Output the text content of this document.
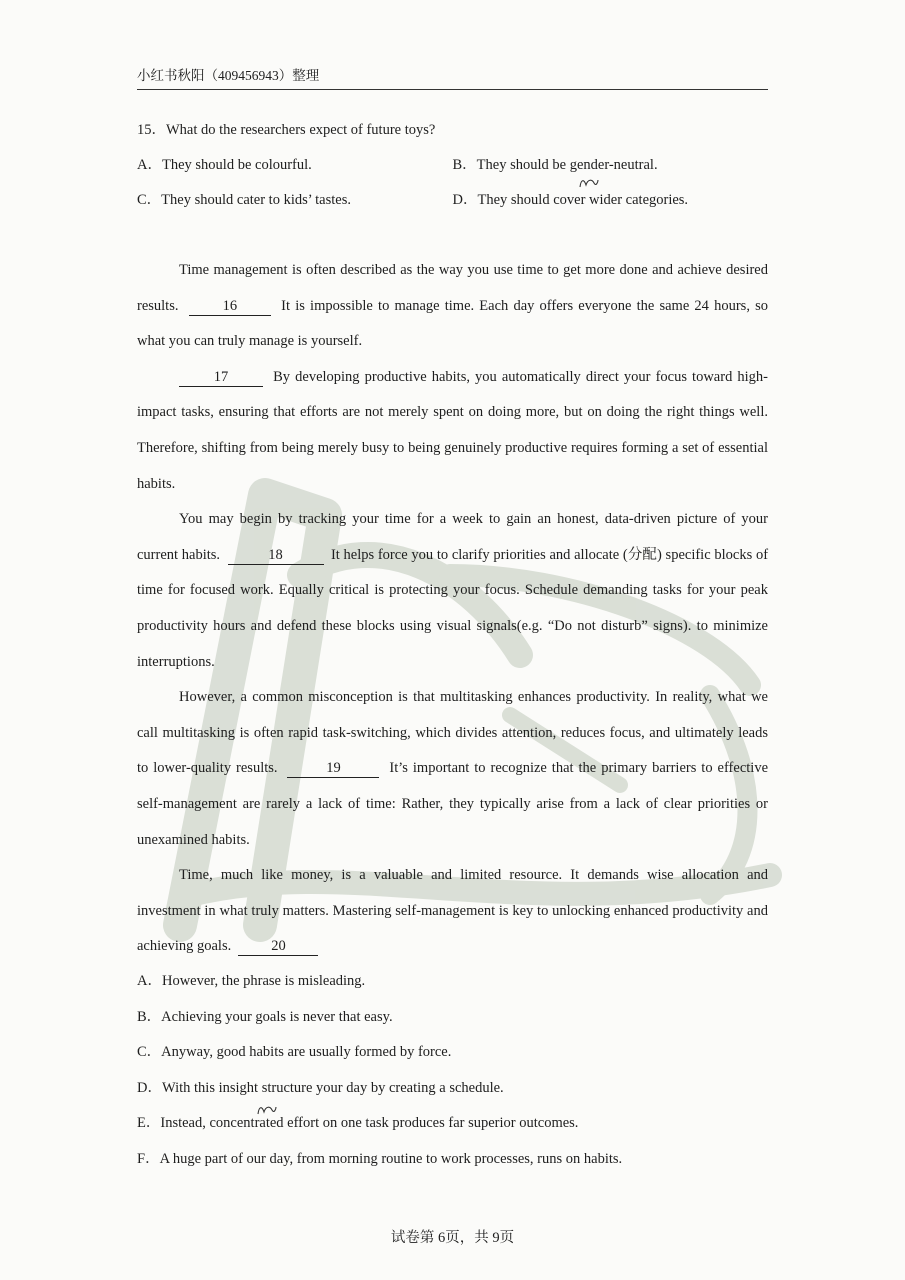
小红书秋阳（409456943）整理
15．What do the researchers expect of future toys?
A．They should be colourful.	B．They should be gender-neutral.
C．They should cater to kids’ tastes.	D．They should cover wider categories.

Time management is often described as the way you use time to get more done and achieve desired results.	16	It is impossible to manage time. Each day offers everyone the same 24 hours, so what you can truly manage is yourself.

17	By developing productive habits, you automatically direct your focus toward high-impact tasks, ensuring that efforts are not merely spent on doing more, but on doing the right things well. Therefore, shifting from being merely busy to being genuinely productive requires forming a set of essential habits.

You may begin by tracking your time for a week to gain an honest, data-driven picture of your current habits.	18	It helps force you to clarify priorities and allocate (分配) specific blocks of time for focused work. Equally critical is protecting your focus. Schedule demanding tasks for your peak productivity hours and defend these blocks using visual signals(e.g. “Do not disturb” signs). to minimize interruptions.

However, a common misconception is that multitasking enhances productivity. In reality, what we call multitasking is often rapid task-switching, which divides attention, reduces focus, and ultimately leads to lower-quality results.	19	It’s important to recognize that the primary barriers to effective self-management are rarely a lack of time: Rather, they typically arise from a lack of clear priorities or unexamined habits.

Time, much like money, is a valuable and limited resource. It demands wise allocation and investment in what truly matters. Mastering self-management is key to unlocking enhanced productivity and achieving goals.	20

A．However, the phrase is misleading.

B．Achieving your goals is never that easy.

C．Anyway, good habits are usually formed by force.

D．With this insight structure your day by creating a schedule.

E．Instead, concentrated effort on one task produces far superior outcomes.

F．A huge part of our day, from morning routine to work processes, runs on habits.

试卷第 6页，共 9页
